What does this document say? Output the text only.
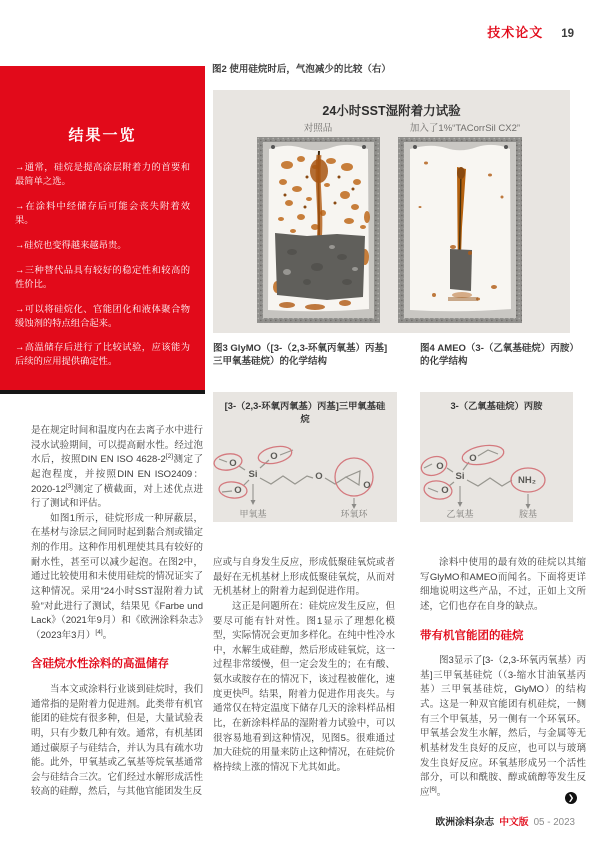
技术论文 19
结果一览

→通常，硅烷是提高涂层附着力的首要和最简单之选。

→在涂料中经储存后可能会丧失附着效果。

→硅烷也变得越来越昂贵。

→三种替代品具有较好的稳定性和较高的性价比。

→可以将硅烷化、官能团化和液体聚合物缓蚀剂的特点组合起来。

→高温储存后进行了比较试验，应该能为后续的应用提供确定性。

图2 使用硅烷时后，气泡减少的比较（右）
24小时SST湿附着力试验
对照品	加入了1%“TACorrSil CX2”
图3 GlyMO（[3-（2,3-环氧丙氧基）丙基]三甲氧基硅烷）的化学结构
图4 AMEO（3-（乙氧基硅烷）丙胺）的化学结构

[3-（2,3-环氧丙氧基）丙基]三甲氧基硅烷

Si
O
O
O
O
O
甲氧基	环氧环

3-（乙氧基硅烷）丙胺

Si
O
O
O
NH₂
乙氧基	胺基

是在规定时间和温度内在去离子水中进行浸水试验期间，可以提高耐水性。经过泡水后，按照DIN EN ISO 4628-2[2]测定了起泡程度，并按照DIN EN ISO2409：2020-12[3]测定了横截面，对上述优点进行了测试和评估。

如图1所示，硅烷形成一种屏蔽层，在基材与涂层之间同时起到黏合剂或锚定剂的作用。这种作用机理使其具有较好的耐水性，甚至可以减少起泡。在图2中，通过比较使用和未使用硅烷的情况证实了这种情况。采用“24小时SST湿附着力试验”对此进行了测试，结果见《Farbe und Lack》（2021年9月）和《欧洲涂料杂志》（2023年3月）[4]。

含硅烷水性涂料的高温储存

当本文或涂料行业谈到硅烷时，我们通常指的是附着力促进剂。此类带有机官能团的硅烷有很多种，但是，大量试验表明，只有少数几种有效。通常，有机基团通过碳原子与硅结合，并认为具有疏水功能。此外，甲氧基或乙氧基等烷氧基通常会与硅结合三次。它们经过水解形成活性较高的硅醇，然后，与其他官能团发生反

应或与自身发生反应，形成低聚硅氧烷或者最好在无机基材上形成低聚硅氧烷，从而对无机基材上的附着力起到促进作用。

这正是问题所在：硅烷应发生反应，但要尽可能有针对性。图1显示了理想化模型，实际情况会更加多样化。在纯中性冷水中，水解生成硅醇，然后形成硅氧烷，这一过程非常缓慢，但一定会发生的；在有酸、氨水或胺存在的情况下，该过程被催化，速度更快[5]。结果，附着力促进作用丧失。与通常仅在特定温度下储存几天的涂料样品相比，在新涂料样品的湿附着力试验中，可以很容易地看到这种情况，见图5。很难通过加大硅烷的用量来防止这种情况，在硅烷价格持续上涨的情况下尤其如此。

涂料中使用的最有效的硅烷以其缩写GlyMO和AMEO而闻名。下面将更详细地说明这些产品，不过，正如上文所述，它们也存在自身的缺点。

带有机官能团的硅烷

图3显示了[3-（2,3-环氧丙氧基）丙基]三甲氧基硅烷（（3-缩水甘油氧基丙基）三甲氧基硅烷，GlyMO）的结构式。这是一种双官能团有机硅烷，一侧有三个甲氧基，另一侧有一个环氧环。甲氧基会发生水解，然后，与金属等无机基材发生良好的反应，也可以与玻璃发生良好反应。环氧基形成另一个活性部分，可以和酰胺、醇或硫醇等发生反应[6]。	❯
欧洲涂料杂志 中文版 05 - 2023
